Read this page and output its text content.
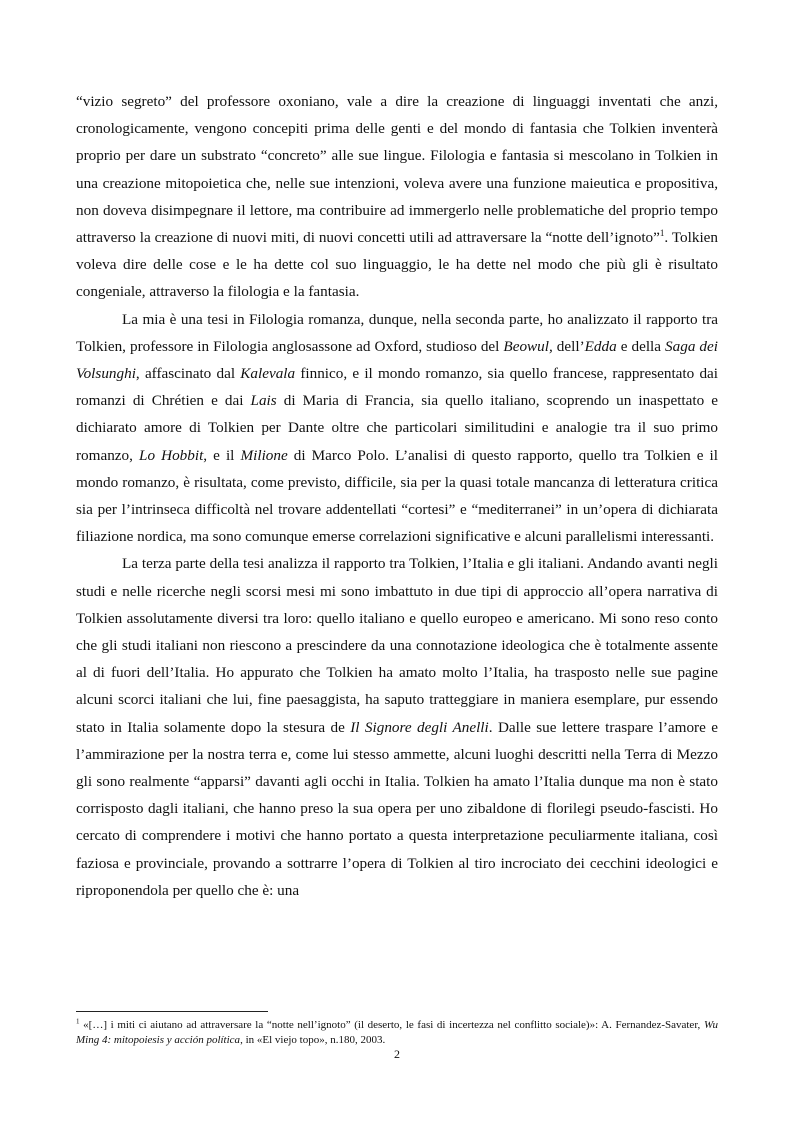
“vizio segreto” del professore oxoniano, vale a dire la creazione di linguaggi inventati che anzi, cronologicamente, vengono concepiti prima delle genti e del mondo di fantasia che Tolkien inventerà proprio per dare un substrato “concreto” alle sue lingue. Filologia e fantasia si mescolano in Tolkien in una creazione mitopoietica che, nelle sue intenzioni, voleva avere una funzione maieutica e propositiva, non doveva disimpegnare il lettore, ma contribuire ad immergerlo nelle problematiche del proprio tempo attraverso la creazione di nuovi miti, di nuovi concetti utili ad attraversare la “notte dell’ignoto”$^1$. Tolkien voleva dire delle cose e le ha dette col suo linguaggio, le ha dette nel modo che più gli è risultato congeniale, attraverso la filologia e la fantasia.

La mia è una tesi in Filologia romanza, dunque, nella seconda parte, ho analizzato il rapporto tra Tolkien, professore in Filologia anglosassone ad Oxford, studioso del Beowul, dell’Edda e della Saga dei Volsunghi, affascinato dal Kalevala finnico, e il mondo romanzo, sia quello francese, rappresentato dai romanzi di Chrétien e dai Lais di Maria di Francia, sia quello italiano, scoprendo un inaspettato e dichiarato amore di Tolkien per Dante oltre che particolari similitudini e analogie tra il suo primo romanzo, Lo Hobbit, e il Milione di Marco Polo. L’analisi di questo rapporto, quello tra Tolkien e il mondo romanzo, è risultata, come previsto, difficile, sia per la quasi totale mancanza di letteratura critica sia per l’intrinseca difficoltà nel trovare addentellati “cortesi” e “mediterranei” in un’opera di dichiarata filiazione nordica, ma sono comunque emerse correlazioni significative e alcuni parallelismi interessanti.

La terza parte della tesi analizza il rapporto tra Tolkien, l’Italia e gli italiani. Andando avanti negli studi e nelle ricerche negli scorsi mesi mi sono imbattuto in due tipi di approccio all’opera narrativa di Tolkien assolutamente diversi tra loro: quello italiano e quello europeo e americano. Mi sono reso conto che gli studi italiani non riescono a prescindere da una connotazione ideologica che è totalmente assente al di fuori dell’Italia. Ho appurato che Tolkien ha amato molto l’Italia, ha trasposto nelle sue pagine alcuni scorci italiani che lui, fine paesaggista, ha saputo tratteggiare in maniera esemplare, pur essendo stato in Italia solamente dopo la stesura de Il Signore degli Anelli. Dalle sue lettere traspare l’amore e l’ammirazione per la nostra terra e, come lui stesso ammette, alcuni luoghi descritti nella Terra di Mezzo gli sono realmente “apparsi” davanti agli occhi in Italia. Tolkien ha amato l’Italia dunque ma non è stato corrisposto dagli italiani, che hanno preso la sua opera per uno zibaldone di florilegi pseudo-fascisti. Ho cercato di comprendere i motivi che hanno portato a questa interpretazione peculiarmente italiana, così faziosa e provinciale, provando a sottrarre l’opera di Tolkien al tiro incrociato dei cecchini ideologici e riproponendola per quello che è: una

$^1$ «[…] i miti ci aiutano ad attraversare la “notte nell’ignoto” (il deserto, le fasi di incertezza nel conflitto sociale)»: A. Fernandez-Savater, Wu Ming 4: mitopoiesis y acción política, in «El viejo topo», n.180, 2003.
2
